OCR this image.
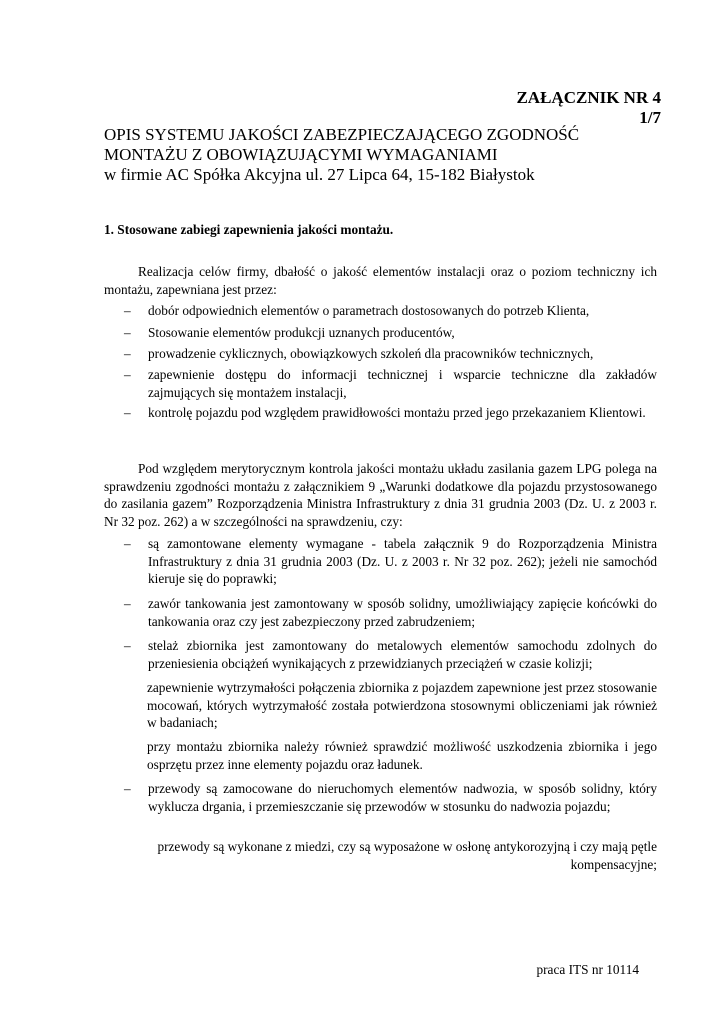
ZAŁĄCZNIK NR 4
1/7
OPIS SYSTEMU JAKOŚCI ZABEZPIECZAJĄCEGO ZGODNOŚĆ
MONTAŻU Z OBOWIĄZUJĄCYMI WYMAGANIAMI
w firmie AC Spółka Akcyjna ul. 27 Lipca 64, 15-182 Białystok
1. Stosowane zabiegi zapewnienia jakości montażu.
Realizacja celów firmy, dbałość o jakość elementów instalacji oraz o poziom techniczny ich montażu, zapewniana jest przez:
–	dobór odpowiednich elementów o parametrach dostosowanych do potrzeb Klienta,
–	Stosowanie elementów produkcji uznanych producentów,
–	prowadzenie cyklicznych, obowiązkowych szkoleń dla pracowników technicznych,
–	zapewnienie dostępu do informacji technicznej i wsparcie techniczne dla zakładów zajmujących się montażem instalacji,
–	kontrolę pojazdu pod względem prawidłowości montażu przed jego przekazaniem Klientowi.
Pod względem merytorycznym kontrola jakości montażu układu zasilania gazem LPG polega na sprawdzeniu zgodności montażu z załącznikiem 9 „Warunki dodatkowe dla pojazdu przystosowanego do zasilania gazem” Rozporządzenia Ministra Infrastruktury z dnia 31 grudnia 2003 (Dz. U. z 2003 r. Nr 32 poz. 262) a w szczególności na sprawdzeniu, czy:
–	są zamontowane elementy wymagane - tabela załącznik 9 do Rozporządzenia Ministra Infrastruktury z dnia 31 grudnia 2003 (Dz. U. z 2003 r. Nr 32 poz. 262); jeżeli nie samochód kieruje się do poprawki;
–	zawór tankowania jest zamontowany w sposób solidny, umożliwiający zapięcie końcówki do tankowania oraz czy jest zabezpieczony przed zabrudzeniem;
–	stelaż zbiornika jest zamontowany do metalowych elementów samochodu zdolnych do przeniesienia obciążeń wynikających z przewidzianych przeciążeń w czasie kolizji;
zapewnienie wytrzymałości połączenia zbiornika z pojazdem zapewnione jest przez stosowanie mocowań, których wytrzymałość została potwierdzona stosownymi obliczeniami jak również w badaniach;
przy montażu zbiornika należy również sprawdzić możliwość uszkodzenia zbiornika i jego osprzętu przez inne elementy pojazdu oraz ładunek.
–	przewody są zamocowane do nieruchomych elementów nadwozia, w sposób solidny, który wyklucza drgania, i przemieszczanie się przewodów w stosunku do nadwozia pojazdu;
przewody są wykonane z miedzi, czy są wyposażone w osłonę antykorozyjną i czy mają pętle kompensacyjne;
praca ITS nr 10114
